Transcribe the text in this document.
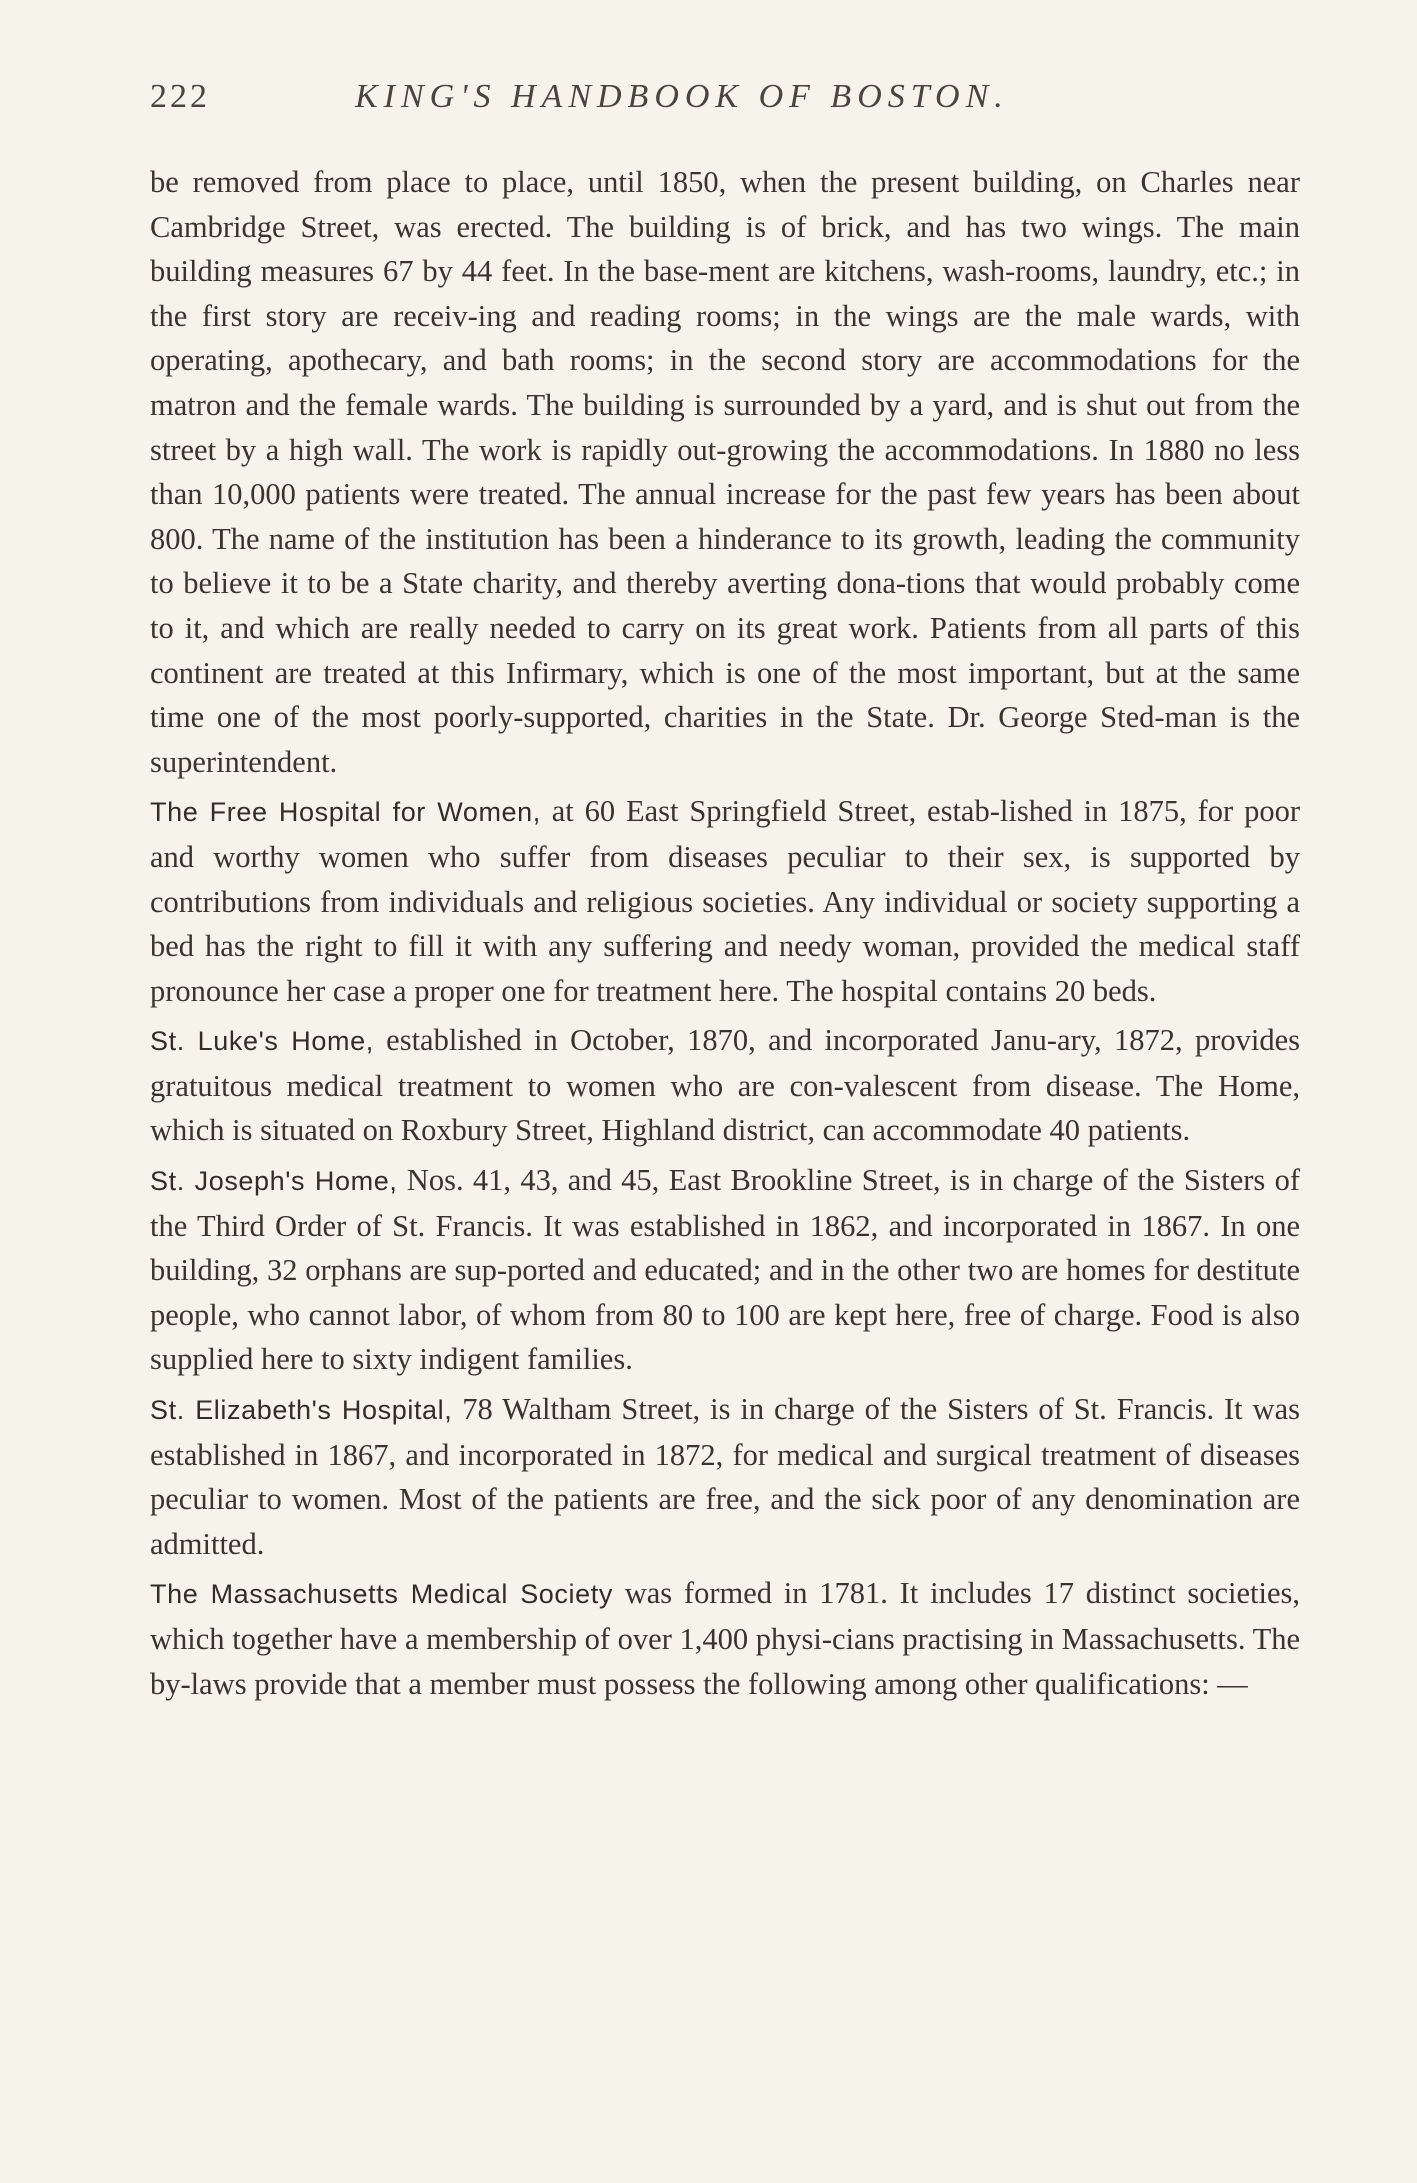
222	KING'S HANDBOOK OF BOSTON.

be removed from place to place, until 1850, when the present building, on Charles near Cambridge Street, was erected. The building is of brick, and has two wings. The main building measures 67 by 44 feet. In the base-ment are kitchens, wash-rooms, laundry, etc.; in the first story are receiv-ing and reading rooms; in the wings are the male wards, with operating, apothecary, and bath rooms; in the second story are accommodations for the matron and the female wards. The building is surrounded by a yard, and is shut out from the street by a high wall. The work is rapidly out-growing the accommodations. In 1880 no less than 10,000 patients were treated. The annual increase for the past few years has been about 800. The name of the institution has been a hinderance to its growth, leading the community to believe it to be a State charity, and thereby averting dona-tions that would probably come to it, and which are really needed to carry on its great work. Patients from all parts of this continent are treated at this Infirmary, which is one of the most important, but at the same time one of the most poorly-supported, charities in the State. Dr. George Sted-man is the superintendent.

The Free Hospital for Women, at 60 East Springfield Street, estab-lished in 1875, for poor and worthy women who suffer from diseases peculiar to their sex, is supported by contributions from individuals and religious societies. Any individual or society supporting a bed has the right to fill it with any suffering and needy woman, provided the medical staff pronounce her case a proper one for treatment here. The hospital contains 20 beds.

St. Luke's Home, established in October, 1870, and incorporated Janu-ary, 1872, provides gratuitous medical treatment to women who are con-valescent from disease. The Home, which is situated on Roxbury Street, Highland district, can accommodate 40 patients.

St. Joseph's Home, Nos. 41, 43, and 45, East Brookline Street, is in charge of the Sisters of the Third Order of St. Francis. It was established in 1862, and incorporated in 1867. In one building, 32 orphans are sup-ported and educated; and in the other two are homes for destitute people, who cannot labor, of whom from 80 to 100 are kept here, free of charge. Food is also supplied here to sixty indigent families.

St. Elizabeth's Hospital, 78 Waltham Street, is in charge of the Sisters of St. Francis. It was established in 1867, and incorporated in 1872, for medical and surgical treatment of diseases peculiar to women. Most of the patients are free, and the sick poor of any denomination are admitted.

The Massachusetts Medical Society was formed in 1781. It includes 17 distinct societies, which together have a membership of over 1,400 physi-cians practising in Massachusetts. The by-laws provide that a member must possess the following among other qualifications: —
